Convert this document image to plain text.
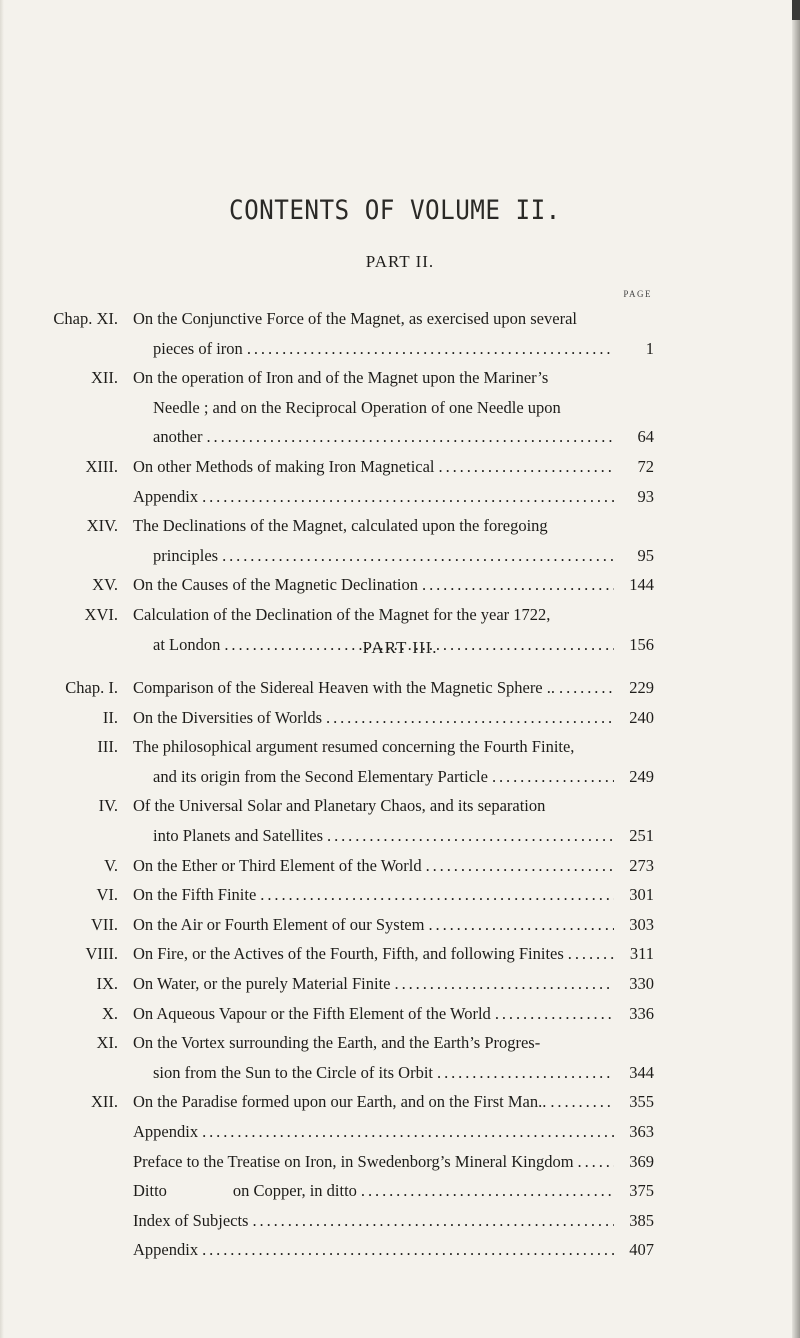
CONTENTS OF VOLUME II.
PART II.
PAGE
PART III.
Chap. XI. On the Conjunctive Force of the Magnet, as exercised upon several
pieces of iron . . .	1
XII. On the operation of Iron and of the Magnet upon the Mariner’s
Needle ; and on the Reciprocal Operation of one Needle upon
another . . .	64
XIII. On other Methods of making Iron Magnetical . . .	72
Appendix . . .	93
XIV. The Declinations of the Magnet, calculated upon the foregoing
principles . . .	95
XV. On the Causes of the Magnetic Declination . . .	144
XVI. Calculation of the Declination of the Magnet for the year 1722,
at London . . .	156
Chap. I. Comparison of the Sidereal Heaven with the Magnetic Sphere .. . . .	229
II. On the Diversities of Worlds . . .	240
III. The philosophical argument resumed concerning the Fourth Finite,
and its origin from the Second Elementary Particle . . .	249
IV. Of the Universal Solar and Planetary Chaos, and its separation
into Planets and Satellites . . .	251
V. On the Ether or Third Element of the World . . .	273
VI. On the Fifth Finite . . .	301
VII. On the Air or Fourth Element of our System . . .	303
VIII. On Fire, or the Actives of the Fourth, Fifth, and following Finites . . .	311
IX. On Water, or the purely Material Finite . . .	330
X. On Aqueous Vapour or the Fifth Element of the World . . .	336
XI. On the Vortex surrounding the Earth, and the Earth’s Progres-
sion from the Sun to the Circle of its Orbit . . .	344
XII. On the Paradise formed upon our Earth, and on the First Man.. . . .	355
Appendix . . .	363
Preface to the Treatise on Iron, in Swedenborg’s Mineral Kingdom . . .	369
Ditto                on Copper, in ditto . . .	375
Index of Subjects . . .	385
Appendix . . .	407
